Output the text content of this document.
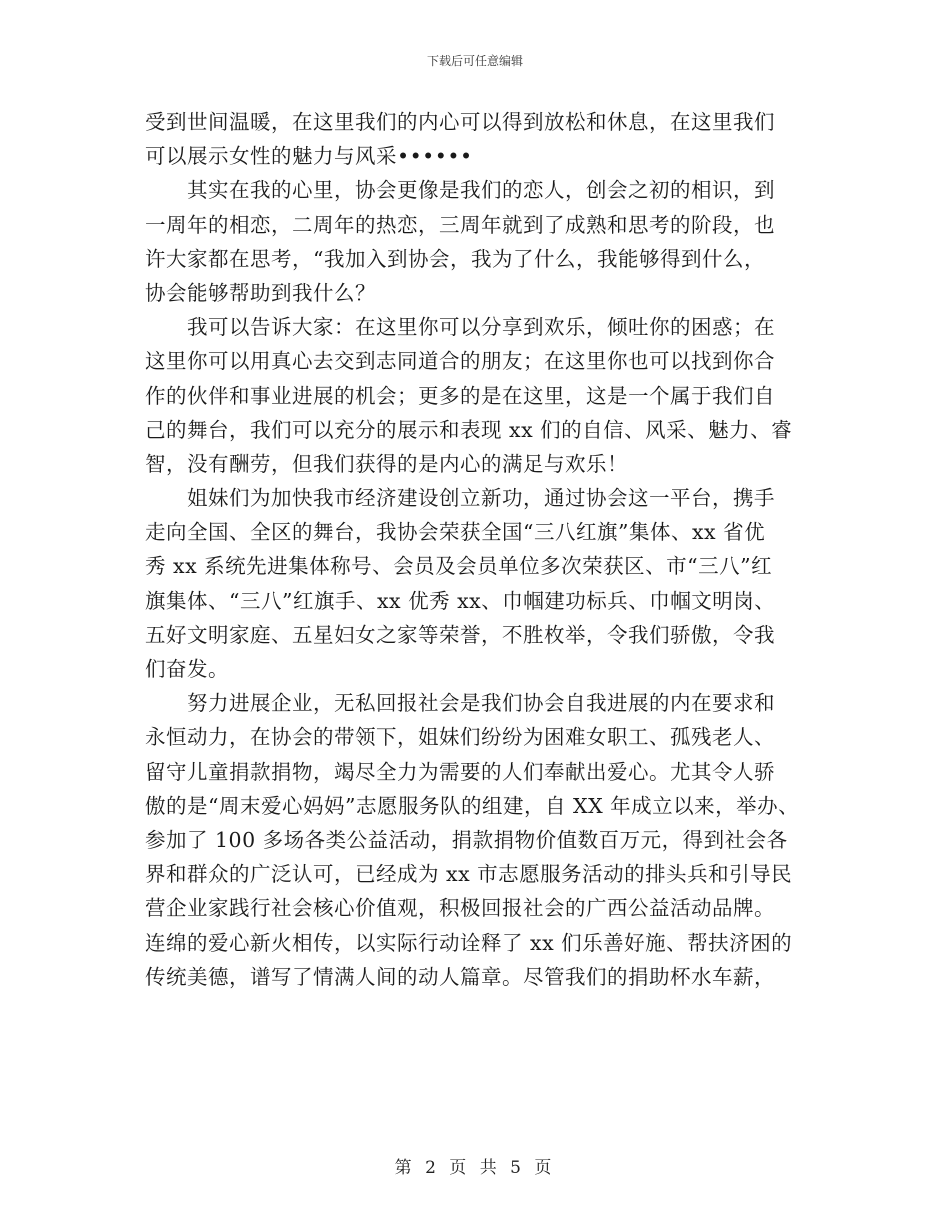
下载后可任意编辑
受到世间温暖，在这里我们的内心可以得到放松和休息，在这里我们
可以展示女性的魅力与风采••••••
其实在我的心里，协会更像是我们的恋人，创会之初的相识，到
一周年的相恋，二周年的热恋，三周年就到了成熟和思考的阶段，也
许大家都在思考，“我加入到协会，我为了什么，我能够得到什么，
协会能够帮助到我什么？
我可以告诉大家：在这里你可以分享到欢乐，倾吐你的困惑；在
这里你可以用真心去交到志同道合的朋友；在这里你也可以找到你合
作的伙伴和事业进展的机会；更多的是在这里，这是一个属于我们自
己的舞台，我们可以充分的展示和表现 xx 们的自信、风采、魅力、睿
智，没有酬劳，但我们获得的是内心的满足与欢乐！
姐妹们为加快我市经济建设创立新功，通过协会这一平台，携手
走向全国、全区的舞台，我协会荣获全国“三八红旗”集体、xx 省优
秀 xx 系统先进集体称号、会员及会员单位多次荣获区、市“三八”红
旗集体、“三八”红旗手、xx 优秀 xx、巾帼建功标兵、巾帼文明岗、
五好文明家庭、五星妇女之家等荣誉，不胜枚举，令我们骄傲，令我
们奋发。
努力进展企业，无私回报社会是我们协会自我进展的内在要求和
永恒动力，在协会的带领下，姐妹们纷纷为困难女职工、孤残老人、
留守儿童捐款捐物，竭尽全力为需要的人们奉献出爱心。尤其令人骄
傲的是“周末爱心妈妈”志愿服务队的组建，自 XX 年成立以来，举办、
参加了 100 多场各类公益活动，捐款捐物价值数百万元，得到社会各
界和群众的广泛认可，已经成为 xx 市志愿服务活动的排头兵和引导民
营企业家践行社会核心价值观，积极回报社会的广西公益活动品牌。
连绵的爱心新火相传，以实际行动诠释了 xx 们乐善好施、帮扶济困的
传统美德，谱写了情满人间的动人篇章。尽管我们的捐助杯水车薪，
第 2 页 共 5 页
